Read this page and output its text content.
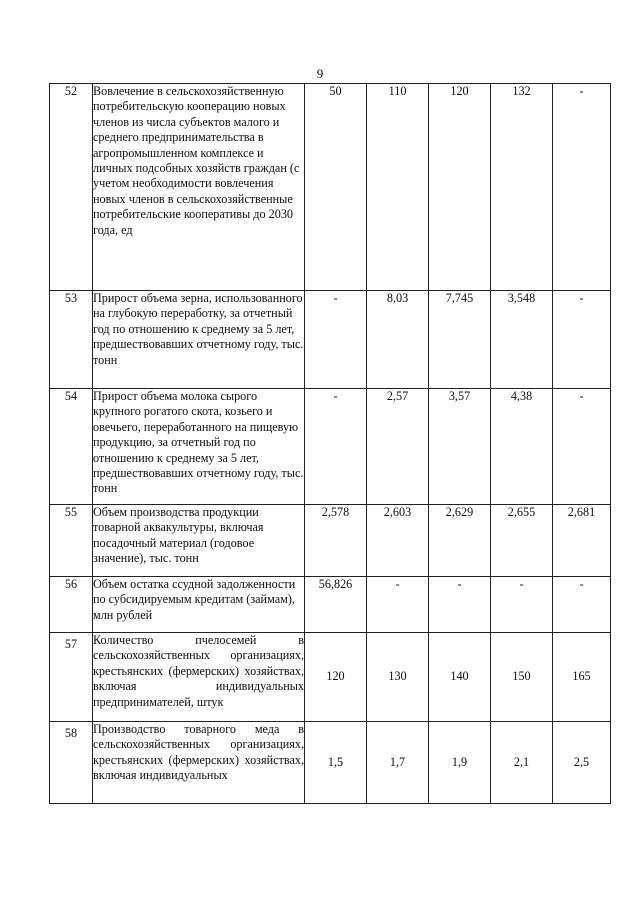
9
52	Вовлечение в сельскохозяйственную потребительскую кооперацию новых членов из числа субъектов малого и среднего предпринимательства в агропромышленном комплексе и личных подсобных хозяйств граждан (с учетом необходимости вовлечения новых членов в сельскохозяйственные потребительские кооперативы до 2030 года, ед	50	110	120	132	-
53	Прирост объема зерна, использованного на глубокую переработку, за отчетный год по отношению к среднему за 5 лет, предшествовавших отчетному году, тыс. тонн	-	8,03	7,745	3,548	-
54	Прирост объема молока сырого крупного рогатого скота, козьего и овечьего, переработанного на пищевую продукцию, за отчетный год по отношению к среднему за 5 лет, предшествовавших отчетному году, тыс. тонн	-	2,57	3,57	4,38	-
55	Объем производства продукции товарной аквакультуры, включая посадочный материал (годовое значение), тыс. тонн	2,578	2,603	2,629	2,655	2,681
56	Объем остатка ссудной задолженности по субсидируемым кредитам (займам), млн рублей	56,826	-	-	-	-
57	Количество пчелосемей в сельскохозяйственных организациях, крестьянских (фермерских) хозяйствах, включая индивидуальных предпринимателей, штук	120	130	140	150	165
58	Производство товарного меда в сельскохозяйственных организациях, крестьянских (фермерских) хозяйствах, включая индивидуальных	1,5	1,7	1,9	2,1	2,5
